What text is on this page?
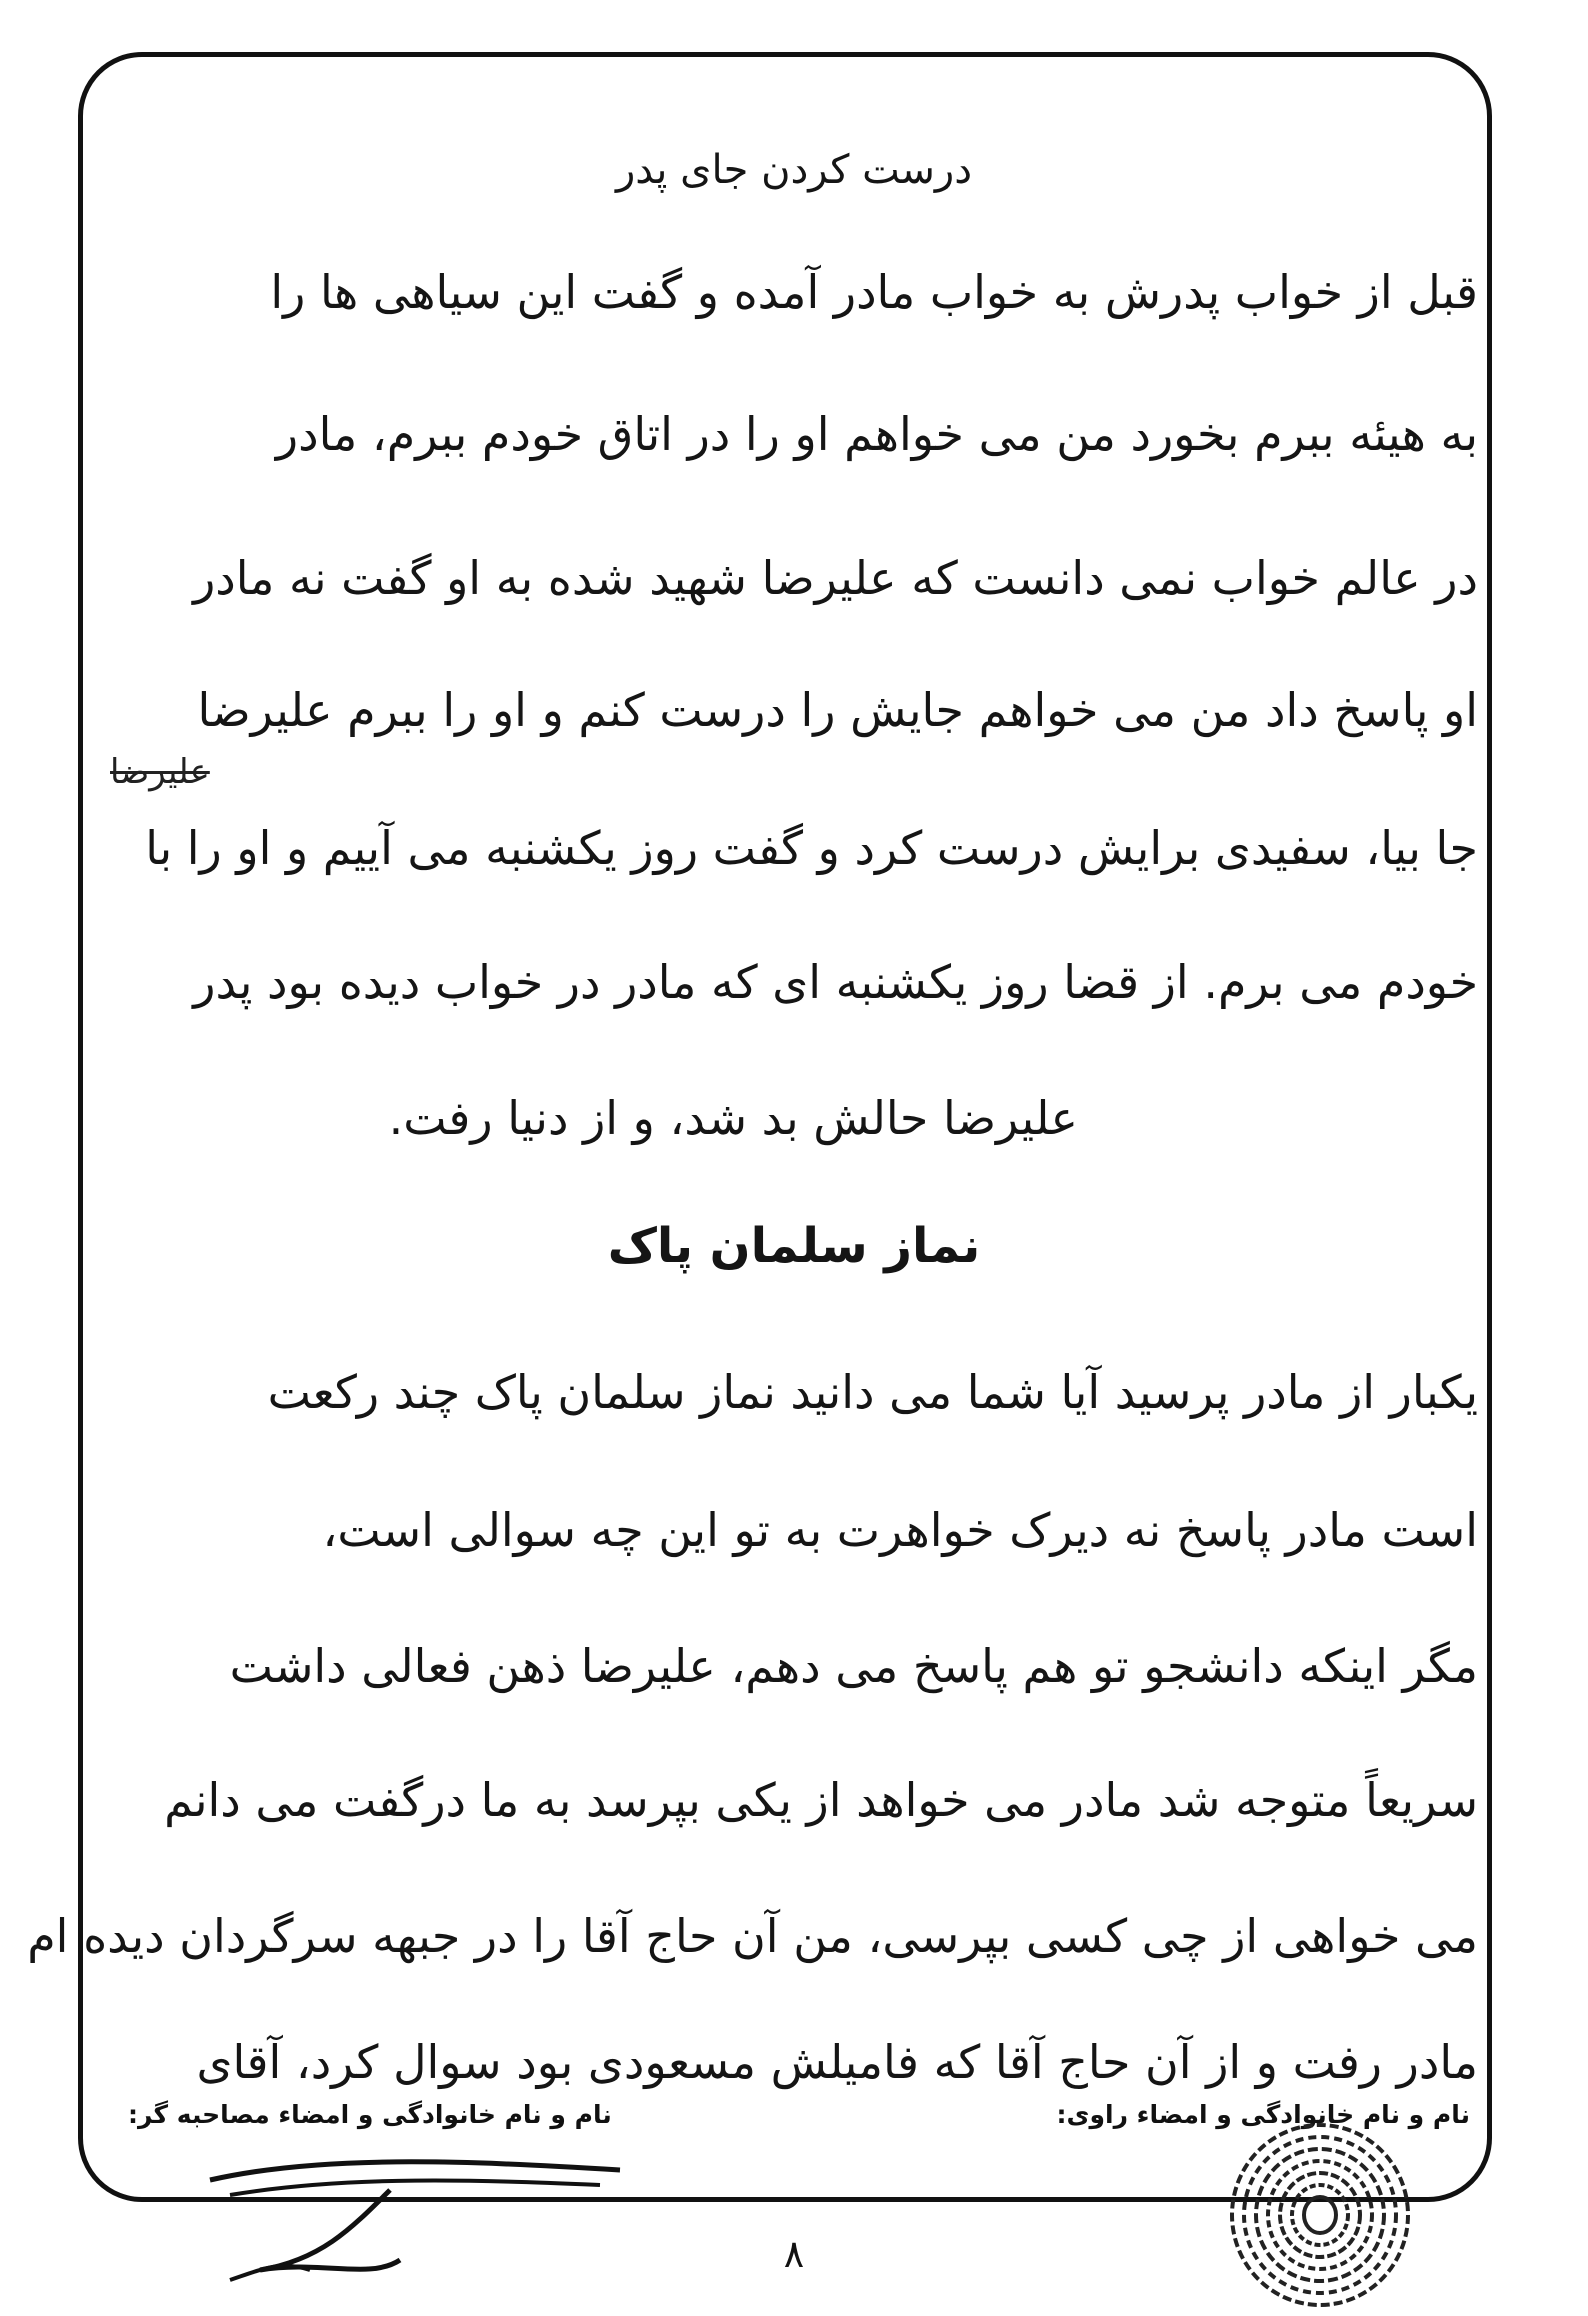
درست کردن جای پدر
قبل از خواب پدرش به خواب مادر آمده و گفت این سیاهی ها را
به هیئه ببرم بخورد من می خواهم او را در اتاق خودم ببرم، مادر
در عالم خواب نمی دانست که علیرضا شهید شده به او گفت نه مادر
او پاسخ داد من می خواهم جایش را درست کنم و او را ببرم علیرضا
جا بیا، سفیدی برایش درست کرد و گفت روز یکشنبه می آییم و او را با
خودم می برم. از قضا روز یکشنبه ای که مادر در خواب دیده بود پدر
علیرضا حالش بد شد، و از دنیا رفت.
علیرضا
نماز سلمان پاک
یکبار از مادر پرسید آیا شما می دانید نماز سلمان پاک چند رکعت
است مادر پاسخ نه دیرک خواهرت به تو این چه سوالی است،
مگر اینکه دانشجو تو هم پاسخ می دهم، علیرضا ذهن فعالی داشت
سریعاً متوجه شد مادر می خواهد از یکی بپرسد به ما درگفت می دانم
می خواهی از چی کسی بپرسی، من آن حاج آقا را در جبهه سرگردان دیده ام
مادر رفت و از آن حاج آقا که فامیلش مسعودی بود سوال کرد، آقای
نام و نام خانوادگی و امضاء راوی:
نام و نام خانوادگی و امضاء مصاحبه گر:
۸
